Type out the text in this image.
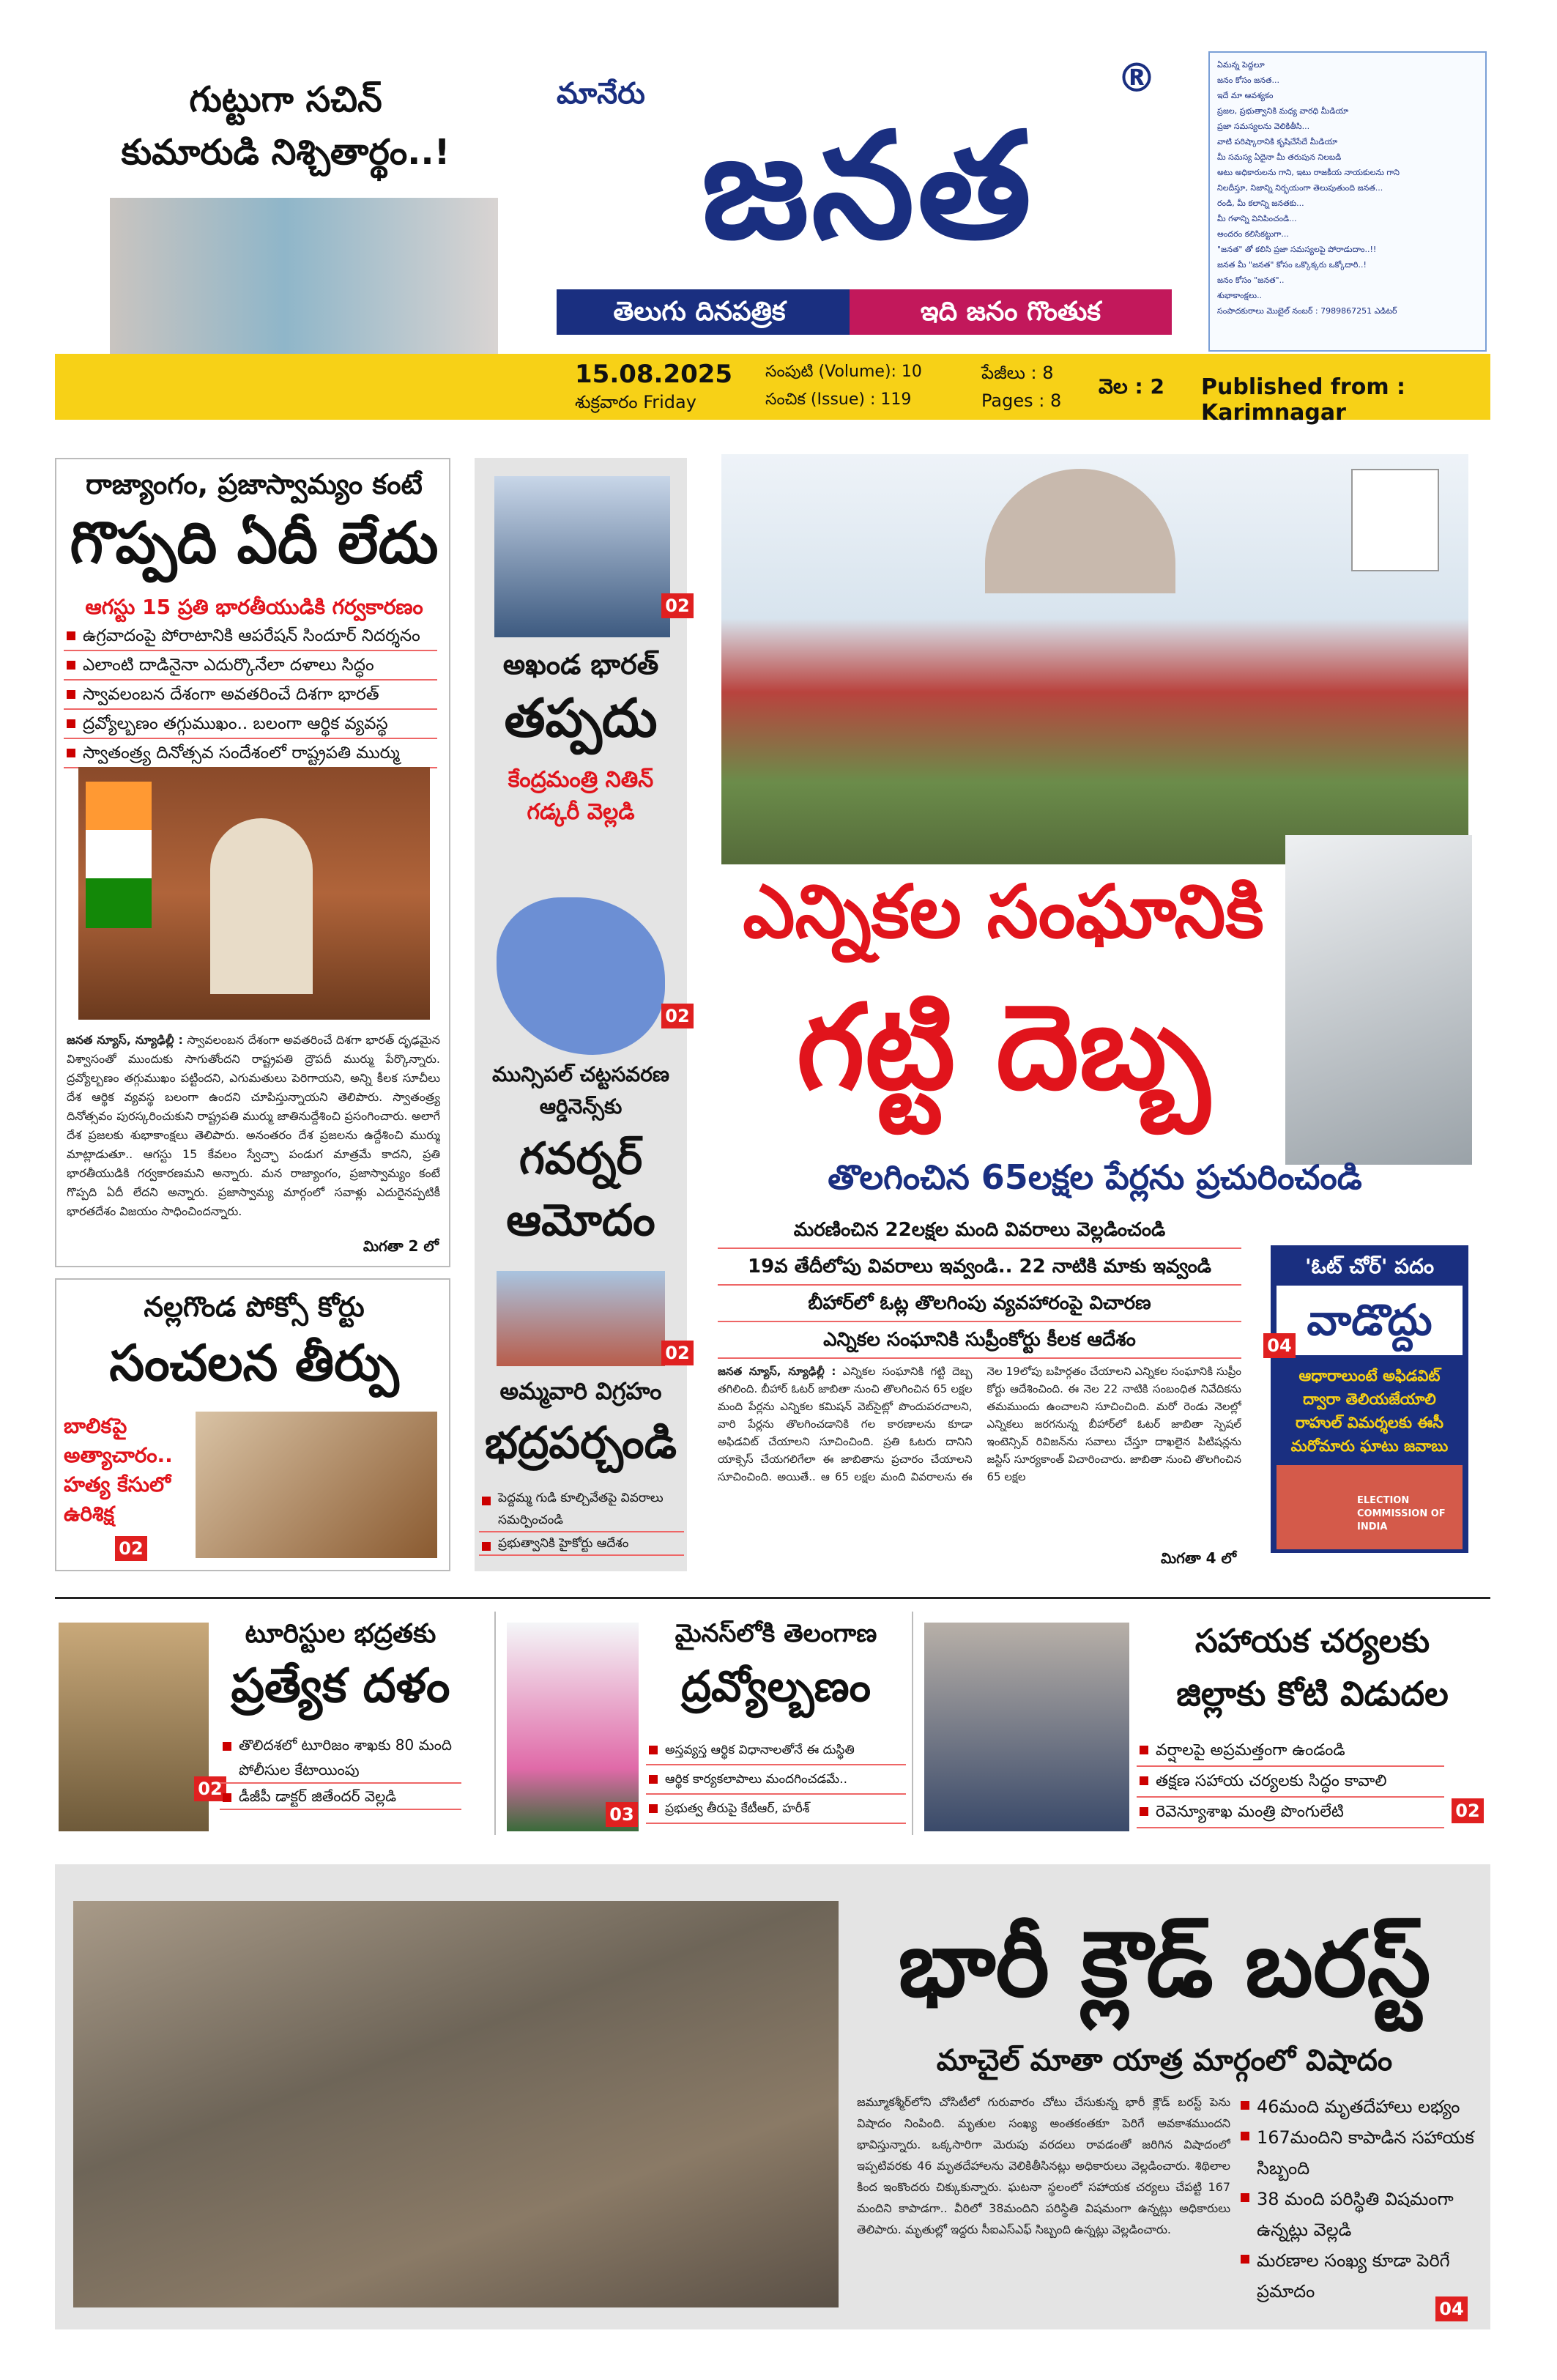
గుట్టుగా సచిన్
కుమారుడి నిశ్చితార్థం..!
మానేరు
జనత
®
తెలుగు దినపత్రిక	ఇది జనం గొంతుక
ఏమన్న పెద్దలూ
జనం కోసం జనత...
ఇదే మా ఆవశ్యకం
ప్రజల, ప్రభుత్వానికి మధ్య వారధి మీడియా
ప్రజా సమస్యలను వెలికితీసి...
వాటి పరిష్కారానికి కృషిచేసేదే మీడియా
మీ సమస్య ఏదైనా మీ తరుపున నిలబడి
అటు అధికారులను గాని, ఇటు రాజకీయ నాయకులను గాని
నిలదీస్తూ, నిజాన్ని నిర్భయంగా తెలుపుతుంది జనత...
రండి, మీ కలాన్ని జనతకు...
మీ గళాన్ని వినిపించండి...
అందరం కలిసికట్టుగా...
"జనత" తో కలిసి ప్రజా సమస్యలపై పోరాడుదాం..!!
జనత మీ "జనత" కోసం ఒక్కొక్కరు ఒక్కోదారి..!
జనం కోసం "జనత"..
శుభాకాంక్షలు..
సంపాదకురాలు మొబైల్ నంబర్ : 7989867251 ఎడిటర్
15.08.2025
శుక్రవారం Friday
సంపుటి (Volume): 10
సంచిక (Issue) : 119
పేజీలు : 8
Pages : 8
వెల : 2 Published from : Karimnagar
రాజ్యాంగం, ప్రజాస్వామ్యం కంటే
గొప్పది ఏదీ లేదు
ఆగస్టు 15 ప్రతి భారతీయుడికి గర్వకారణం
ఉగ్రవాదంపై పోరాటానికి ఆపరేషన్ సిందూర్ నిదర్శనం
ఎలాంటి దాడినైనా ఎదుర్కొనేలా దళాలు సిద్ధం
స్వావలంబన దేశంగా అవతరించే దిశగా భారత్
ద్రవ్యోల్బణం తగ్గుముఖం.. బలంగా ఆర్థిక వ్యవస్థ
స్వాతంత్ర్య దినోత్సవ సందేశంలో రాష్ట్రపతి ముర్ము
జనత న్యూస్, న్యూఢిల్లీ : స్వావలంబన దేశంగా అవతరించే దిశగా భారత్ దృఢమైన విశ్వాసంతో ముందుకు సాగుతోందని రాష్ట్రపతి ద్రౌపదీ ముర్ము పేర్కొన్నారు. ద్రవ్యోల్బణం తగ్గుముఖం పట్టిందని, ఎగుమతులు పెరిగాయని, అన్ని కీలక సూచీలు దేశ ఆర్థిక వ్యవస్థ బలంగా ఉందని చూపిస్తున్నాయని తెలిపారు. స్వాతంత్ర్య దినోత్సవం పురస్కరించుకుని రాష్ట్రపతి ముర్ము జాతినుద్దేశించి ప్రసంగించారు. అలాగే దేశ ప్రజలకు శుభాకాంక్షలు తెలిపారు. అనంతరం దేశ ప్రజలను ఉద్దేశించి ముర్ము మాట్లాడుతూ.. ఆగస్టు 15 కేవలం స్వేచ్ఛా పండుగ మాత్రమే కాదని, ప్రతి భారతీయుడికి గర్వకారణమని అన్నారు. మన రాజ్యాంగం, ప్రజాస్వామ్యం కంటే గొప్పది ఏదీ లేదని అన్నారు. ప్రజాస్వామ్య మార్గంలో సవాళ్లు ఎదురైనప్పటికీ భారతదేశం విజయం సాధించిందన్నారు.
మిగతా 2 లో
నల్లగొండ పోక్సో కోర్టు
సంచలన తీర్పు
బాలికపై
అత్యాచారం..
హత్య కేసులో
ఉరిశిక్ష
02
02
అఖండ భారత్
తప్పదు
కేంద్రమంత్రి నితిన్
గడ్కరీ వెల్లడి
02
మున్సిపల్ చట్టసవరణ
ఆర్డినెన్స్‌కు
గవర్నర్
ఆమోదం
02
అమ్మవారి విగ్రహం
భద్రపర్చండి
పెద్దమ్మ గుడి కూల్చివేతపై వివరాలు సమర్పించండి
ప్రభుత్వానికి హైకోర్టు ఆదేశం
ఎన్నికల సంఘానికి
గట్టి దెబ్బ
తొలగించిన 65లక్షల పేర్లను ప్రచురించండి
మరణించిన 22లక్షల మంది వివరాలు వెల్లడించండి
19వ తేదీలోపు వివరాలు ఇవ్వండి.. 22 నాటికి మాకు ఇవ్వండి
బీహార్‌లో ఓట్ల తొలగింపు వ్యవహారంపై విచారణ
ఎన్నికల సంఘానికి సుప్రీంకోర్టు కీలక ఆదేశం
జనత న్యూస్, న్యూఢిల్లీ : ఎన్నికల సంఘానికి గట్టి దెబ్బ తగిలింది. బీహార్ ఓటర్ జాబితా నుంచి తొలగించిన 65 లక్షల మంది పేర్లను ఎన్నికల కమిషన్ వెబ్‌సైట్లో పొందుపరచాలని, వారి పేర్లను తొలగించడానికి గల కారణాలను కూడా అఫిడవిట్ చేయాలని సూచించింది. ప్రతి ఓటరు దానిని యాక్సెస్ చేయగలిగేలా ఈ జాబితాను ప్రచారం చేయాలని సూచించింది. అయితే.. ఆ 65 లక్షల మంది వివరాలను ఈ నెల 19లోపు బహిర్గతం చేయాలని ఎన్నికల సంఘానికి సుప్రీం కోర్టు ఆదేశించింది. ఈ నెల 22 నాటికి సంబంధిత నివేదికను తమముందు ఉంచాలని సూచించింది. మరో రెండు నెలల్లో ఎన్నికలు జరగనున్న బీహార్‌లో ఓటర్ జాబితా స్పెషల్ ఇంటెన్సివ్ రివిజన్‌ను సవాలు చేస్తూ దాఖలైన పిటిషన్లను జస్టిస్ సూర్యకాంత్ విచారించారు. జాబితా నుంచి తొలగించిన 65 లక్షల
మిగతా 4 లో
'ఓట్ చోర్' పదం
వాడొద్దు
ఆధారాలుంటే అఫిడవిట్ ద్వారా తెలియజేయాలి రాహుల్ విమర్శలకు ఈసీ మరోమారు ఘాటు జవాబు
ELECTION COMMISSION OF INDIA
04
02
టూరిస్టుల భద్రతకు
ప్రత్యేక దళం
తొలిదశలో టూరిజం శాఖకు 80 మంది పోలీసుల కేటాయింపు
డీజీపీ డాక్టర్ జితేందర్ వెల్లడి
03
మైనస్‌లోకి తెలంగాణ
ద్రవ్యోల్బణం
అస్తవ్యస్త ఆర్థిక విధానాలతోనే ఈ దుస్థితి
ఆర్థిక కార్యకలాపాలు మందగించడమే..
ప్రభుత్వ తీరుపై కేటీఆర్, హరీశ్
సహాయక చర్యలకు
జిల్లాకు కోటి విడుదల
వర్షాలపై అప్రమత్తంగా ఉండండి
తక్షణ సహాయ చర్యలకు సిద్ధం కావాలి
రెవెన్యూశాఖ మంత్రి పొంగులేటి	02
భారీ క్లౌడ్ బరస్ట్
మాచైల్ మాతా యాత్ర మార్గంలో విషాదం
జమ్మూకశ్మీర్‌లోని చోసిటీలో గురువారం చోటు చేసుకున్న భారీ క్లౌడ్ బరస్ట్ పెను విషాదం నింపింది. మృతుల సంఖ్య అంతకంతకూ పెరిగే అవకాశముందని భావిస్తున్నారు. ఒక్కసారిగా మెరుపు వరదలు రావడంతో జరిగిన విషాదంలో ఇప్పటివరకు 46 మృతదేహాలను వెలికితీసినట్లు అధికారులు వెల్లడించారు. శిథిలాల కింద ఇంకొందరు చిక్కుకున్నారు. ఘటనా స్థలంలో సహాయక చర్యలు చేపట్టి 167 మందిని కాపాడగా.. వీరిలో 38మందిని పరిస్థితి విషమంగా ఉన్నట్లు అధికారులు తెలిపారు. మృతుల్లో ఇద్దరు సీఐఎస్ఎఫ్ సిబ్బంది ఉన్నట్లు వెల్లడించారు.
46మంది మృతదేహాలు లభ్యం
167మందిని కాపాడిన సహాయక సిబ్బంది
38 మంది పరిస్థితి విషమంగా ఉన్నట్లు వెల్లడి
మరణాల సంఖ్య కూడా పెరిగే ప్రమాదం
04
